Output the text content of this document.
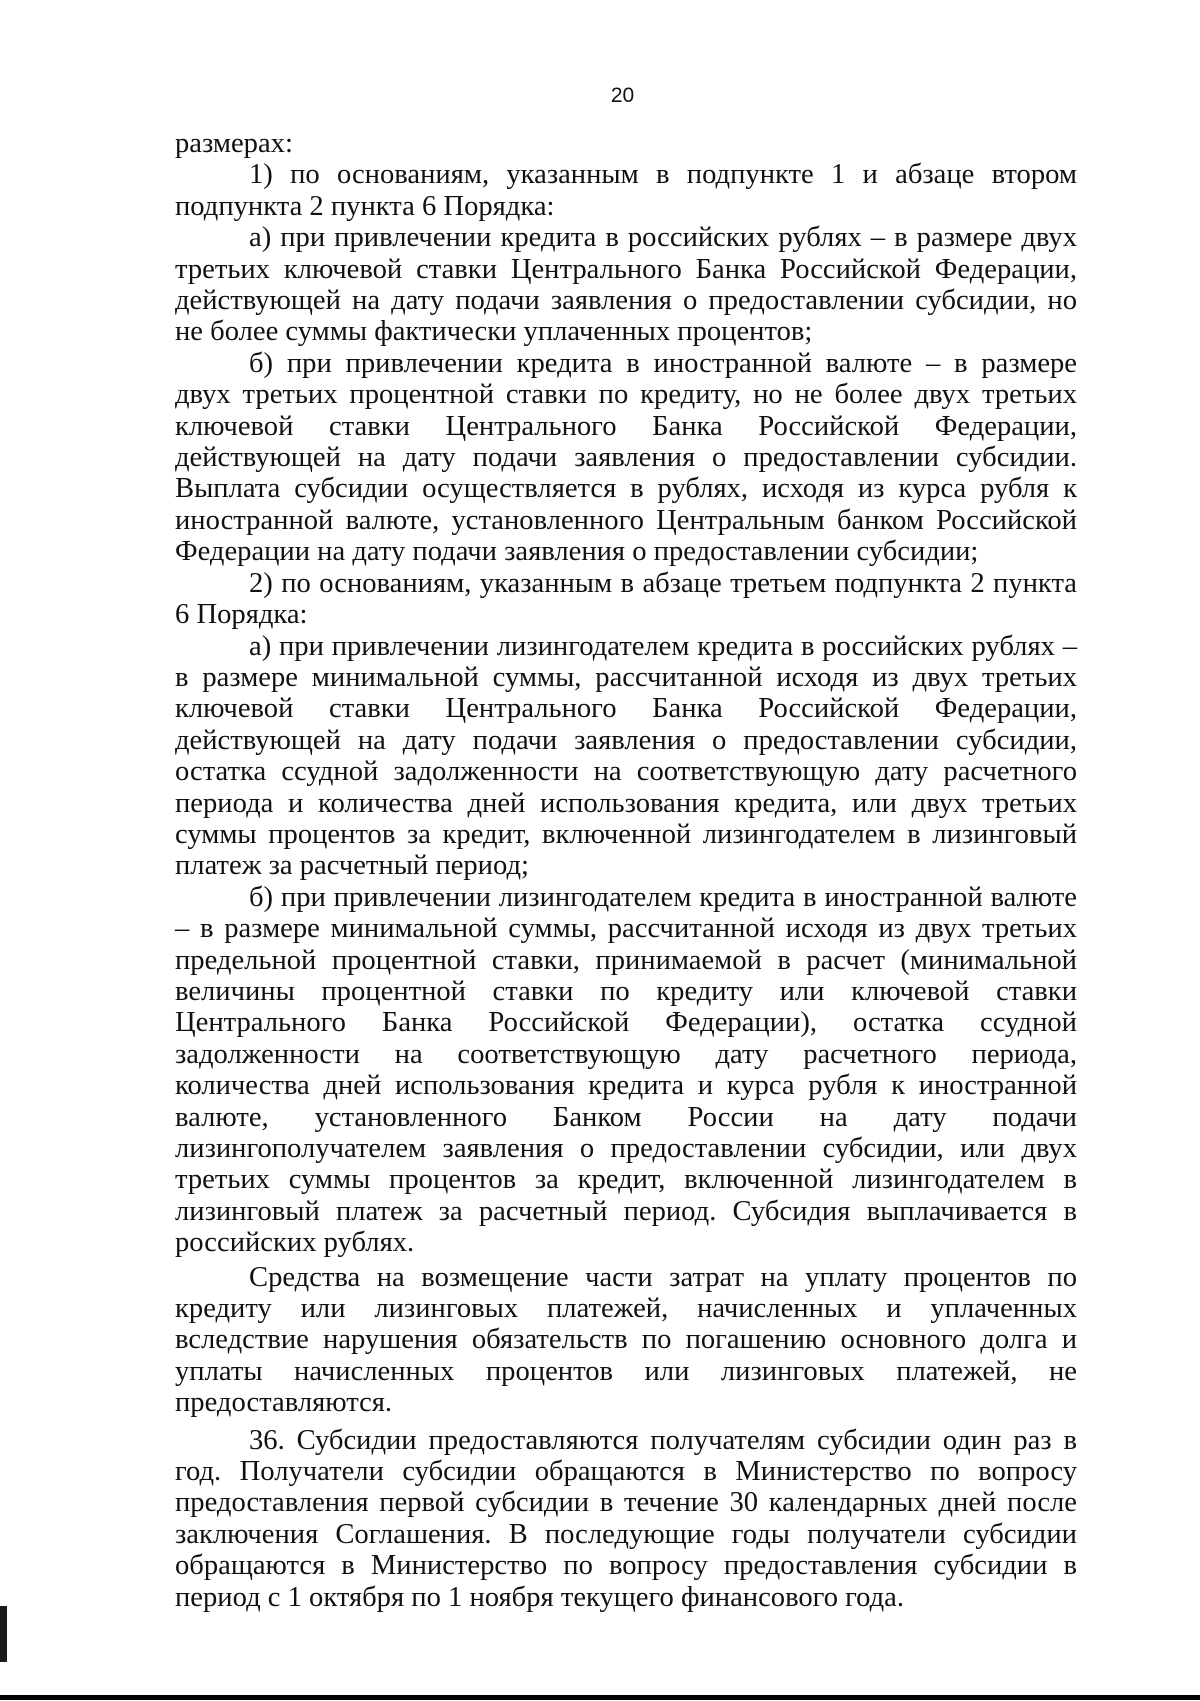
20

размерах:

1) по основаниям, указанным в подпункте 1 и абзаце втором подпункта 2 пункта 6 Порядка:

а) при привлечении кредита в российских рублях – в размере двух третьих ключевой ставки Центрального Банка Российской Федерации, действующей на дату подачи заявления о предоставлении субсидии, но не более суммы фактически уплаченных процентов;

б) при привлечении кредита в иностранной валюте – в размере двух третьих процентной ставки по кредиту, но не более двух третьих ключевой ставки Центрального Банка Российской Федерации, действующей на дату подачи заявления о предоставлении субсидии. Выплата субсидии осуществляется в рублях, исходя из курса рубля к иностранной валюте, установленного Центральным банком Российской Федерации на дату подачи заявления о предоставлении субсидии;

2) по основаниям, указанным в абзаце третьем подпункта 2 пункта 6 Порядка:

а) при привлечении лизингодателем кредита в российских рублях – в размере минимальной суммы, рассчитанной исходя из двух третьих ключевой ставки Центрального Банка Российской Федерации, действующей на дату подачи заявления о предоставлении субсидии, остатка ссудной задолженности на соответствующую дату расчетного периода и количества дней использования кредита, или двух третьих суммы процентов за кредит, включенной лизингодателем в лизинговый платеж за расчетный период;

б) при привлечении лизингодателем кредита в иностранной валюте – в размере минимальной суммы, рассчитанной исходя из двух третьих предельной процентной ставки, принимаемой в расчет (минимальной величины процентной ставки по кредиту или ключевой ставки Центрального Банка Российской Федерации), остатка ссудной задолженности на соответствующую дату расчетного периода, количества дней использования кредита и курса рубля к иностранной валюте, установленного Банком России на дату подачи лизингополучателем заявления о предоставлении субсидии, или двух третьих суммы процентов за кредит, включенной лизингодателем в лизинговый платеж за расчетный период. Субсидия выплачивается в российских рублях.

Средства на возмещение части затрат на уплату процентов по кредиту или лизинговых платежей, начисленных и уплаченных вследствие нарушения обязательств по погашению основного долга и уплаты начисленных процентов или лизинговых платежей, не предоставляются.

36. Субсидии предоставляются получателям субсидии один раз в год. Получатели субсидии обращаются в Министерство по вопросу предоставления первой субсидии в течение 30 календарных дней после заключения Соглашения. В последующие годы получатели субсидии обращаются в Министерство по вопросу предоставления субсидии в период с 1 октября по 1 ноября текущего финансового года.
